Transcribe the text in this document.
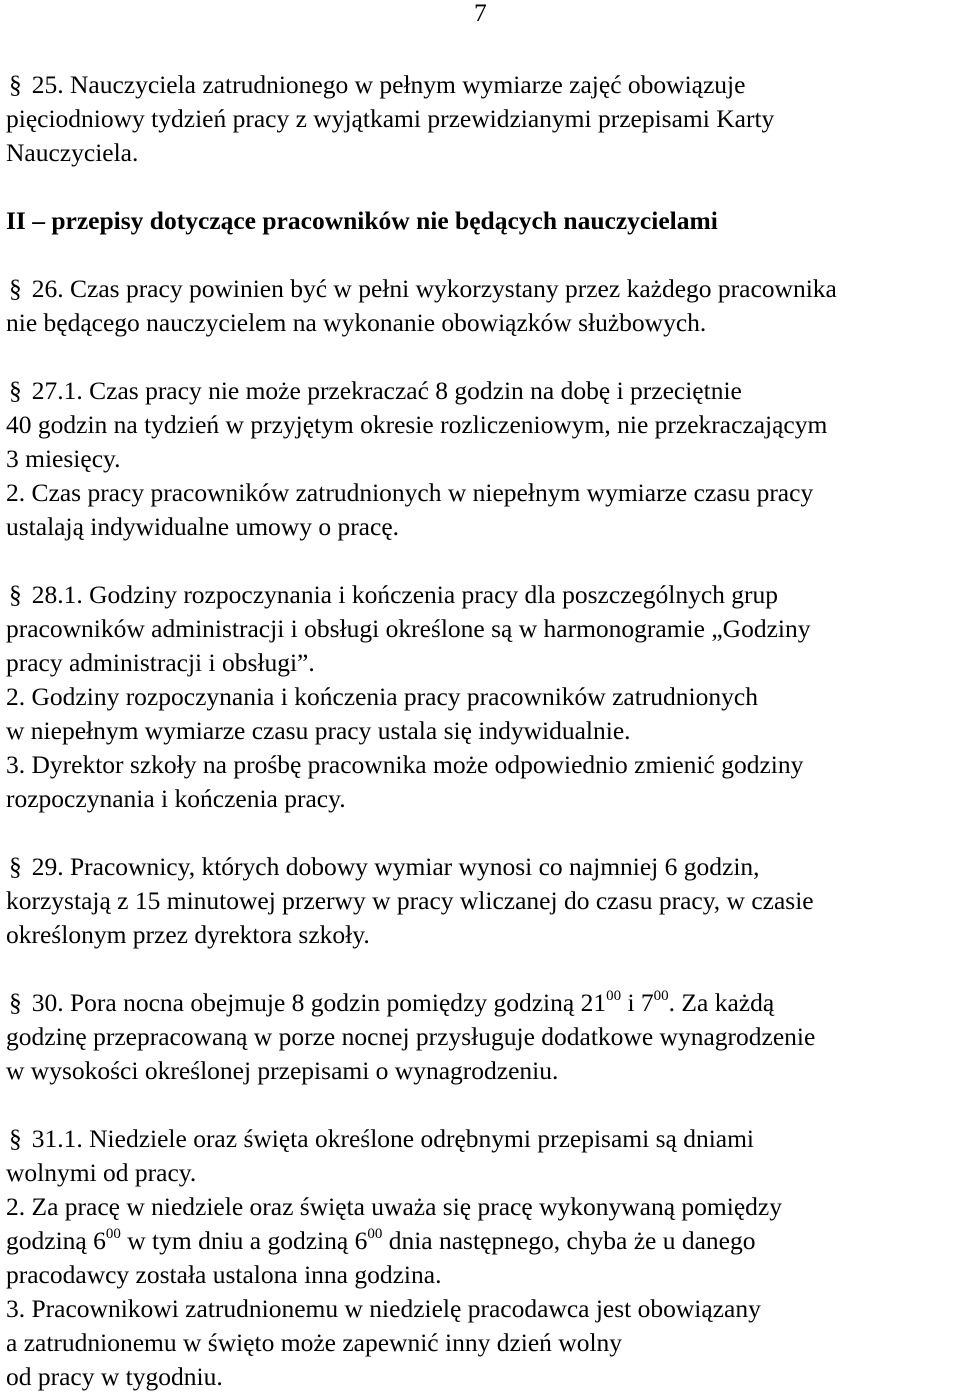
7
§ 25. Nauczyciela zatrudnionego w pełnym wymiarze zajęć obowiązuje
pięciodniowy tydzień pracy z wyjątkami przewidzianymi przepisami Karty
Nauczyciela.
II – przepisy dotyczące pracowników nie będących nauczycielami
§ 26. Czas pracy powinien być w pełni wykorzystany przez każdego pracownika
nie będącego nauczycielem na wykonanie obowiązków służbowych.
§ 27.1. Czas pracy nie może przekraczać 8 godzin na dobę i przeciętnie
40 godzin na tydzień w przyjętym okresie rozliczeniowym, nie przekraczającym
3 miesięcy.
2. Czas pracy pracowników zatrudnionych w niepełnym wymiarze czasu pracy
ustalają indywidualne umowy o pracę.
§ 28.1. Godziny rozpoczynania i kończenia pracy dla poszczególnych grup
pracowników administracji i obsługi określone są w harmonogramie „Godziny
pracy administracji i obsługi”.
2. Godziny rozpoczynania i kończenia pracy pracowników zatrudnionych
w niepełnym wymiarze czasu pracy ustala się indywidualnie.
3. Dyrektor szkoły na prośbę pracownika może odpowiednio zmienić godziny
rozpoczynania i kończenia pracy.
§ 29. Pracownicy, których dobowy wymiar wynosi co najmniej 6 godzin,
korzystają z 15 minutowej przerwy w pracy wliczanej do czasu pracy, w czasie
określonym przez dyrektora szkoły.
§ 30. Pora nocna obejmuje 8 godzin pomiędzy godziną $21^{00}$ i $7^{00}$. Za każdą
godzinę przepracowaną w porze nocnej przysługuje dodatkowe wynagrodzenie
w wysokości określonej przepisami o wynagrodzeniu.
§ 31.1. Niedziele oraz święta określone odrębnymi przepisami są dniami
wolnymi od pracy.
2. Za pracę w niedziele oraz święta uważa się pracę wykonywaną pomiędzy
godziną $6^{00}$ w tym dniu a godziną $6^{00}$ dnia następnego, chyba że u danego
pracodawcy została ustalona inna godzina.
3. Pracownikowi zatrudnionemu w niedzielę pracodawca jest obowiązany
a zatrudnionemu w święto może zapewnić inny dzień wolny
od pracy w tygodniu.
